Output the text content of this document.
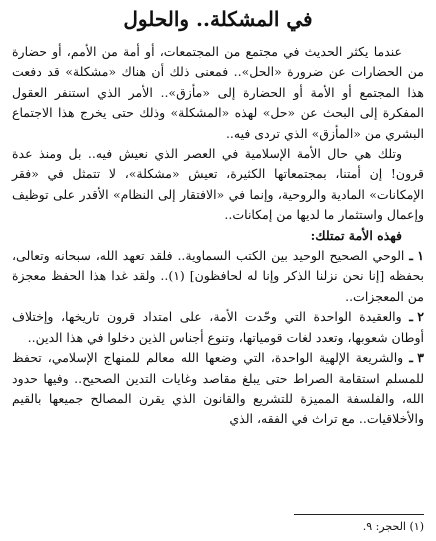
في المشكلة.. والحلول

عندما يكثر الحديث في مجتمع من المجتمعات، أو أمة من الأمم، أو حضارة من الحضارات عن ضرورة «الحل».. فمعنى ذلك أن هناك «مشكلة» قد دفعت هذا المجتمع أو الأمة أو الحضارة إلى «مأزق».. الأمر الذي استنفر العقول المفكرة إلى البحث عن «حل» لهذه «المشكلة» وذلك حتى يخرج هذا الاجتماع البشري من «المأزق» الذي تردى فيه..

وتلك هي حال الأمة الإسلامية في العصر الذي نعيش فيه.. بل ومنذ عدة قرون! إن أمتنا، بمجتمعاتها الكثيرة، تعيش «مشكلة»، لا تتمثل في «فقر الإمكانات» المادية والروحية، وإنما في «الافتقار إلى النظام» الأقدر على توظيف وإعمال واستثمار ما لديها من إمكانات..

فهذه الأمة تمتلك:

١ ـ الوحي الصحيح الوحيد بين الكتب السماوية.. فلقد تعهد الله، سبحانه وتعالى، بحفظه [إنا نحن نزلنا الذكر وإنا له لحافظون] (١).. ولقد غدا هذا الحفظ معجزة من المعجزات..

٢ ـ والعقيدة الواحدة التي وحّدت الأمة، على امتداد قرون تاريخها، وإختلاف أوطان شعوبها، وتعدد لغات قومياتها، وتنوع أجناس الذين دخلوا في هذا الدين..

٣ ـ والشريعة الإلهية الواحدة، التي وضعها الله معالم للمنهاج الإسلامي، تحفظ للمسلم استقامة الصراط حتى يبلغ مقاصد وغايات التدين الصحيح.. وفيها حدود الله، والفلسفة المميزة للتشريع والقانون الذي يقرن المصالح جميعها بالقيم والأخلاقيات.. مع تراث في الفقه، الذي

(١) الحجر: ٩.
